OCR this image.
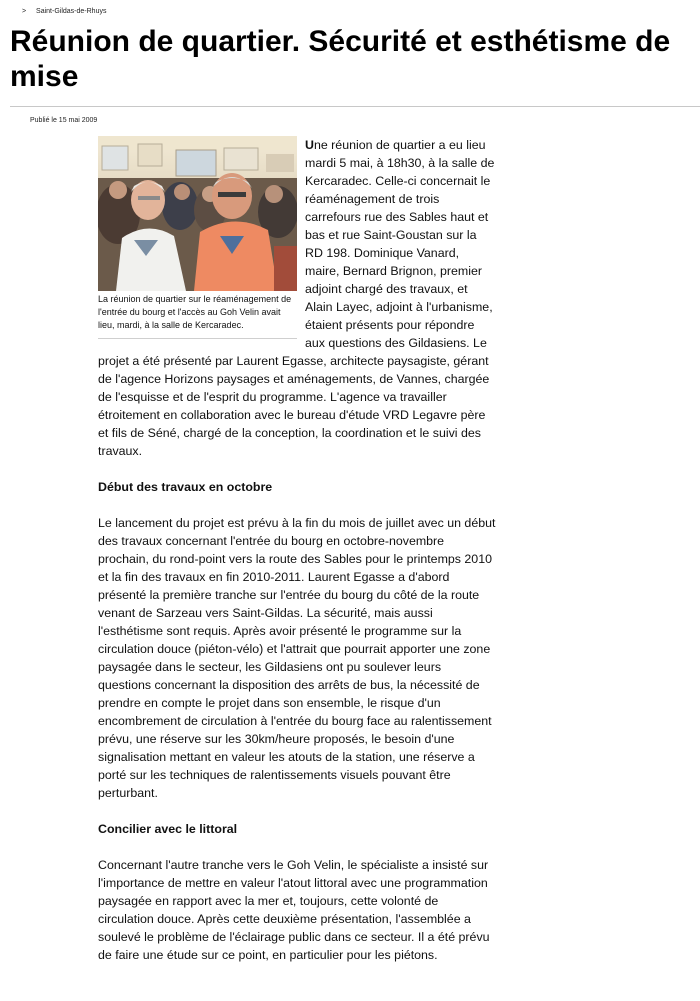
> Saint-Gildas-de-Rhuys
Réunion de quartier. Sécurité et esthétisme de mise
Publié le 15 mai 2009
La réunion de quartier sur le réaménagement de l'entrée du bourg et l'accès au Goh Velin avait lieu, mardi, à la salle de Kercaradec.

Une réunion de quartier a eu lieu mardi 5 mai, à 18h30, à la salle de Kercaradec. Celle-ci concernait le réaménagement de trois carrefours rue des Sables haut et bas et rue Saint-Goustan sur la RD 198. Dominique Vanard, maire, Bernard Brignon, premier adjoint chargé des travaux, et Alain Layec, adjoint à l'urbanisme, étaient présents pour répondre aux questions des Gildasiens. Le projet a été présenté par Laurent Egasse, architecte paysagiste, gérant de l'agence Horizons paysages et aménagements, de Vannes, chargée de l'esquisse et de l'esprit du programme. L'agence va travailler étroitement en collaboration avec le bureau d'étude VRD Legavre père et fils de Séné, chargé de la conception, la coordination et le suivi des travaux.

Début des travaux en octobre

Le lancement du projet est prévu à la fin du mois de juillet avec un début des travaux concernant l'entrée du bourg en octobre-novembre prochain, du rond-point vers la route des Sables pour le printemps 2010 et la fin des travaux en fin 2010-2011. Laurent Egasse a d'abord présenté la première tranche sur l'entrée du bourg du côté de la route venant de Sarzeau vers Saint-Gildas. La sécurité, mais aussi l'esthétisme sont requis. Après avoir présenté le programme sur la circulation douce (piéton-vélo) et l'attrait que pourrait apporter une zone paysagée dans le secteur, les Gildasiens ont pu soulever leurs questions concernant la disposition des arrêts de bus, la nécessité de prendre en compte le projet dans son ensemble, le risque d'un encombrement de circulation à l'entrée du bourg face au ralentissement prévu, une réserve sur les 30km/heure proposés, le besoin d'une signalisation mettant en valeur les atouts de la station, une réserve a porté sur les techniques de ralentissements visuels pouvant être perturbant.

Concilier avec le littoral

Concernant l'autre tranche vers le Goh Velin, le spécialiste a insisté sur l'importance de mettre en valeur l'atout littoral avec une programmation paysagée en rapport avec la mer et, toujours, cette volonté de circulation douce. Après cette deuxième présentation, l'assemblée a soulevé le problème de l'éclairage public dans ce secteur. Il a été prévu de faire une étude sur ce point, en particulier pour les piétons.
